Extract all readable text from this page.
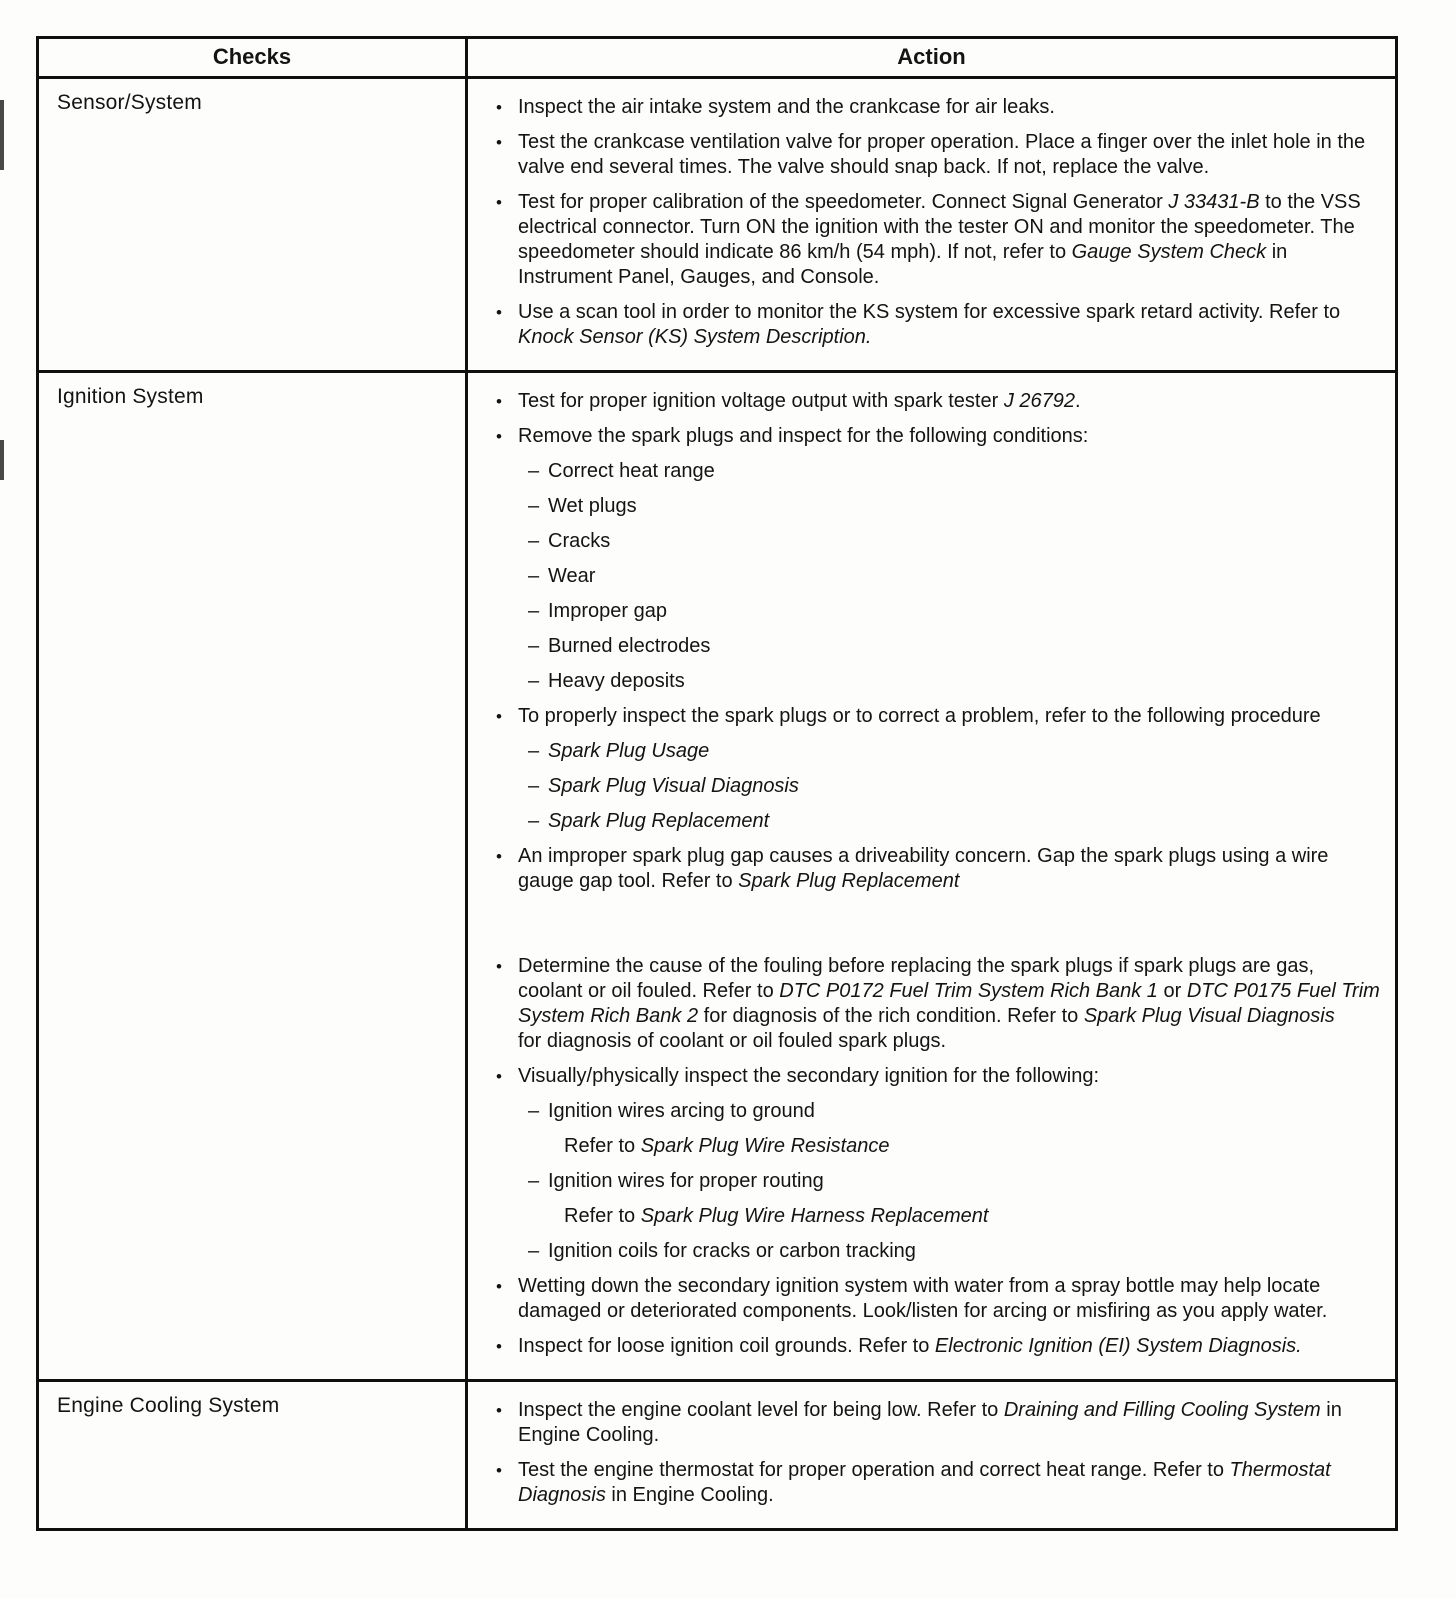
Checks	Action
Sensor/System	• Inspect the air intake system and the crankcase for air leaks.
• Test the crankcase ventilation valve for proper operation. Place a finger over the inlet hole in the valve end several times. The valve should snap back. If not, replace the valve.
• Test for proper calibration of the speedometer. Connect Signal Generator J 33431-B to the VSS electrical connector. Turn ON the ignition with the tester ON and monitor the speedometer. The speedometer should indicate 86 km/h (54 mph). If not, refer to Gauge System Check in Instrument Panel, Gauges, and Console.
• Use a scan tool in order to monitor the KS system for excessive spark retard activity. Refer to Knock Sensor (KS) System Description.

Ignition System	• Test for proper ignition voltage output with spark tester J 26792.
• Remove the spark plugs and inspect for the following conditions:
– Correct heat range
– Wet plugs
– Cracks
– Wear
– Improper gap
– Burned electrodes
– Heavy deposits
• To properly inspect the spark plugs or to correct a problem, refer to the following procedure
– Spark Plug Usage
– Spark Plug Visual Diagnosis
– Spark Plug Replacement
• An improper spark plug gap causes a driveability concern. Gap the spark plugs using a wire gauge gap tool. Refer to Spark Plug Replacement
• Determine the cause of the fouling before replacing the spark plugs if spark plugs are gas, coolant or oil fouled. Refer to DTC P0172 Fuel Trim System Rich Bank 1 or DTC P0175 Fuel Trim System Rich Bank 2 for diagnosis of the rich condition. Refer to Spark Plug Visual Diagnosis
for diagnosis of coolant or oil fouled spark plugs.
• Visually/physically inspect the secondary ignition for the following:
– Ignition wires arcing to ground
Refer to Spark Plug Wire Resistance
– Ignition wires for proper routing
Refer to Spark Plug Wire Harness Replacement
– Ignition coils for cracks or carbon tracking
• Wetting down the secondary ignition system with water from a spray bottle may help locate damaged or deteriorated components. Look/listen for arcing or misfiring as you apply water.
• Inspect for loose ignition coil grounds. Refer to Electronic Ignition (EI) System Diagnosis.

Engine Cooling System	• Inspect the engine coolant level for being low. Refer to Draining and Filling Cooling System in Engine Cooling.
• Test the engine thermostat for proper operation and correct heat range. Refer to Thermostat Diagnosis in Engine Cooling.
